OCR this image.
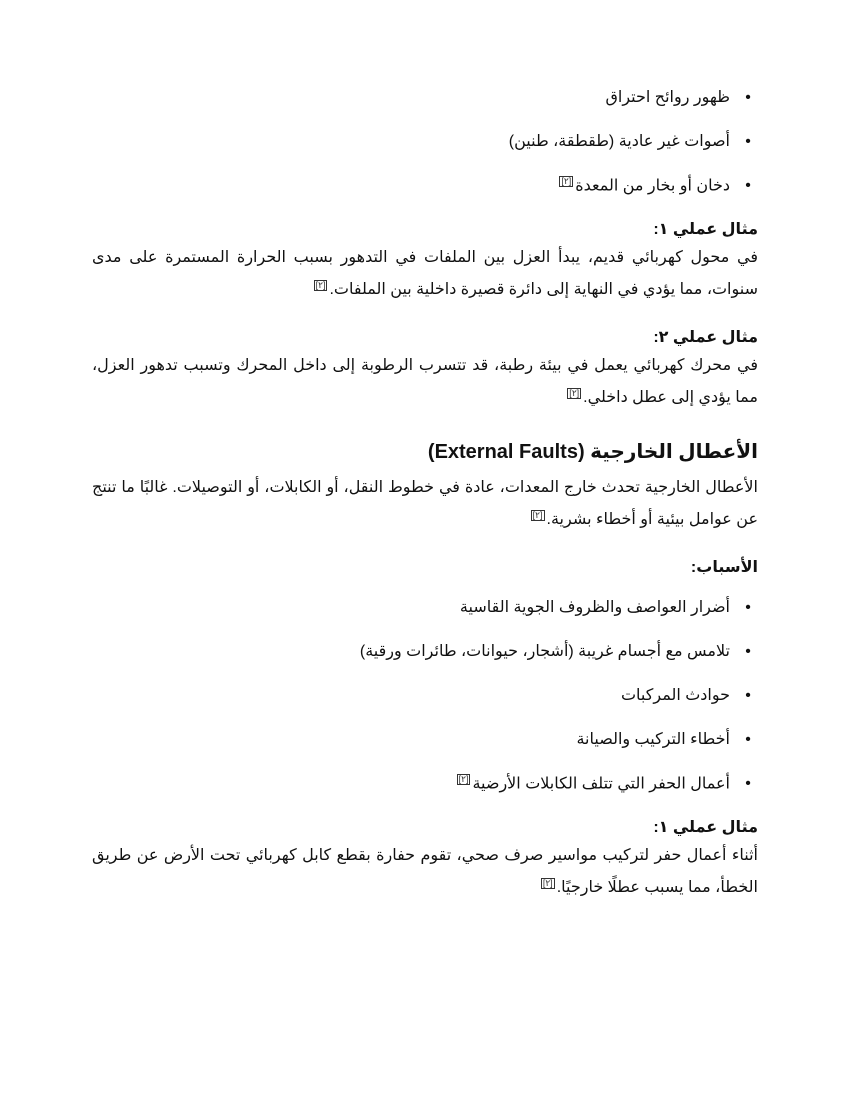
•
ظهور روائح احتراق
•
أصوات غير عادية (طقطقة، طنين)
•
دخان أو بخار من المعدة[٢]

مثال عملي ١:

في محول كهربائي قديم، يبدأ العزل بين الملفات في التدهور بسبب الحرارة المستمرة على مدى سنوات، مما يؤدي في النهاية إلى دائرة قصيرة داخلية بين الملفات.[٢]

مثال عملي ٢:

في محرك كهربائي يعمل في بيئة رطبة، قد تتسرب الرطوبة إلى داخل المحرك وتسبب تدهور العزل، مما يؤدي إلى عطل داخلي.[٢]

الأعطال الخارجية (External Faults)

الأعطال الخارجية تحدث خارج المعدات، عادة في خطوط النقل، أو الكابلات، أو التوصيلات. غالبًا ما تنتج عن عوامل بيئية أو أخطاء بشرية.[٢]

الأسباب:

•
أضرار العواصف والظروف الجوية القاسية
•
تلامس مع أجسام غريبة (أشجار، حيوانات، طائرات ورقية)
•
حوادث المركبات
•
أخطاء التركيب والصيانة
•
أعمال الحفر التي تتلف الكابلات الأرضية[٢]

مثال عملي ١:

أثناء أعمال حفر لتركيب مواسير صرف صحي، تقوم حفارة بقطع كابل كهربائي تحت الأرض عن طريق الخطأ، مما يسبب عطلًا خارجيًا.[٢]
